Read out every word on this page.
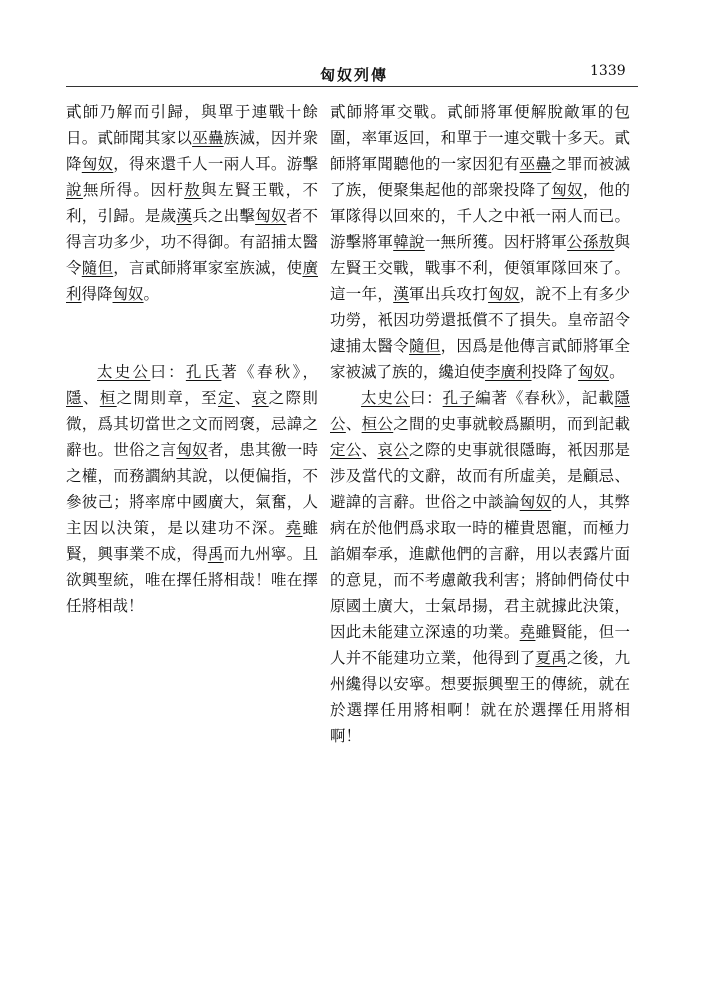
匈奴列傳	1339

貳師乃解而引歸，與單于連戰十餘日。貳師聞其家以巫蠱族滅，因并衆降匈奴，得來還千人一兩人耳。游擊說無所得。因杅敖與左賢王戰，不利，引歸。是歲漢兵之出擊匈奴者不得言功多少，功不得御。有詔捕太醫令隨但，言貳師將軍家室族滅，使廣利得降匈奴。

太史公曰：孔氏著《春秋》，隱、桓之閒則章，至定、哀之際則微，爲其切當世之文而罔褒，忌諱之辭也。世俗之言匈奴者，患其徼一時之權，而務讇納其說，以便偏指，不參彼己；將率席中國廣大，氣奮，人主因以決策，是以建功不深。堯雖賢，興事業不成，得禹而九州寧。且欲興聖統，唯在擇任將相哉！唯在擇任將相哉！

貳師將軍交戰。貳師將軍便解脫敵軍的包圍，率軍返回，和單于一連交戰十多天。貳師將軍聞聽他的一家因犯有巫蠱之罪而被滅了族，便聚集起他的部衆投降了匈奴，他的軍隊得以回來的，千人之中衹一兩人而已。游擊將軍韓說一無所獲。因杅將軍公孫敖與左賢王交戰，戰事不利，便領軍隊回來了。這一年，漢軍出兵攻打匈奴，說不上有多少功勞，衹因功勞還抵償不了損失。皇帝詔令逮捕太醫令隨但，因爲是他傳言貳師將軍全家被滅了族的，纔迫使李廣利投降了匈奴。

太史公曰：孔子編著《春秋》，記載隱公、桓公之間的史事就較爲顯明，而到記載定公、哀公之際的史事就很隱晦，衹因那是涉及當代的文辭，故而有所虛美，是顧忌、避諱的言辭。世俗之中談論匈奴的人，其弊病在於他們爲求取一時的權貴恩寵，而極力諂媚奉承，進獻他們的言辭，用以表露片面的意見，而不考慮敵我利害；將帥們倚仗中原國土廣大，士氣昂揚，君主就據此決策，因此未能建立深遠的功業。堯雖賢能，但一人并不能建功立業，他得到了夏禹之後，九州纔得以安寧。想要振興聖王的傳統，就在於選擇任用將相啊！就在於選擇任用將相啊！
